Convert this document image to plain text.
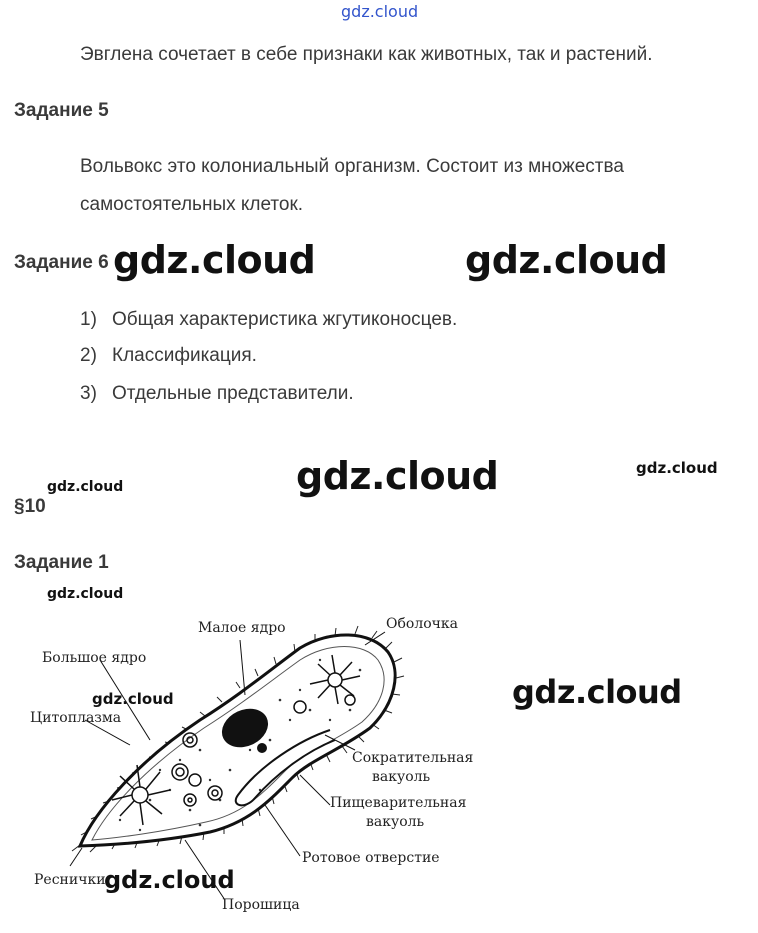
gdz.cloud
Эвглена сочетает в себе признаки как животных, так и растений.
Задание 5
Вольвокс это колониальный организм. Состоит из множества
самостоятельных клеток.
Задание 6 gdz.cloud	gdz.cloud
1) Общая характеристика жгутиконосцев.
2) Классификация.
3) Отдельные представители.
gdz.cloud	gdz.cloud
gdz.cloud
§10
Задание 1
gdz.cloud
Малое ядро	Оболочка
Большое ядро
Цитоплазма
Сократительная
вакуоль
Пищеварительная
вакуоль
Ротовое отверстие
Реснички
Порошица
gdz.cloud	gdz.cloud
gdz.cloud
